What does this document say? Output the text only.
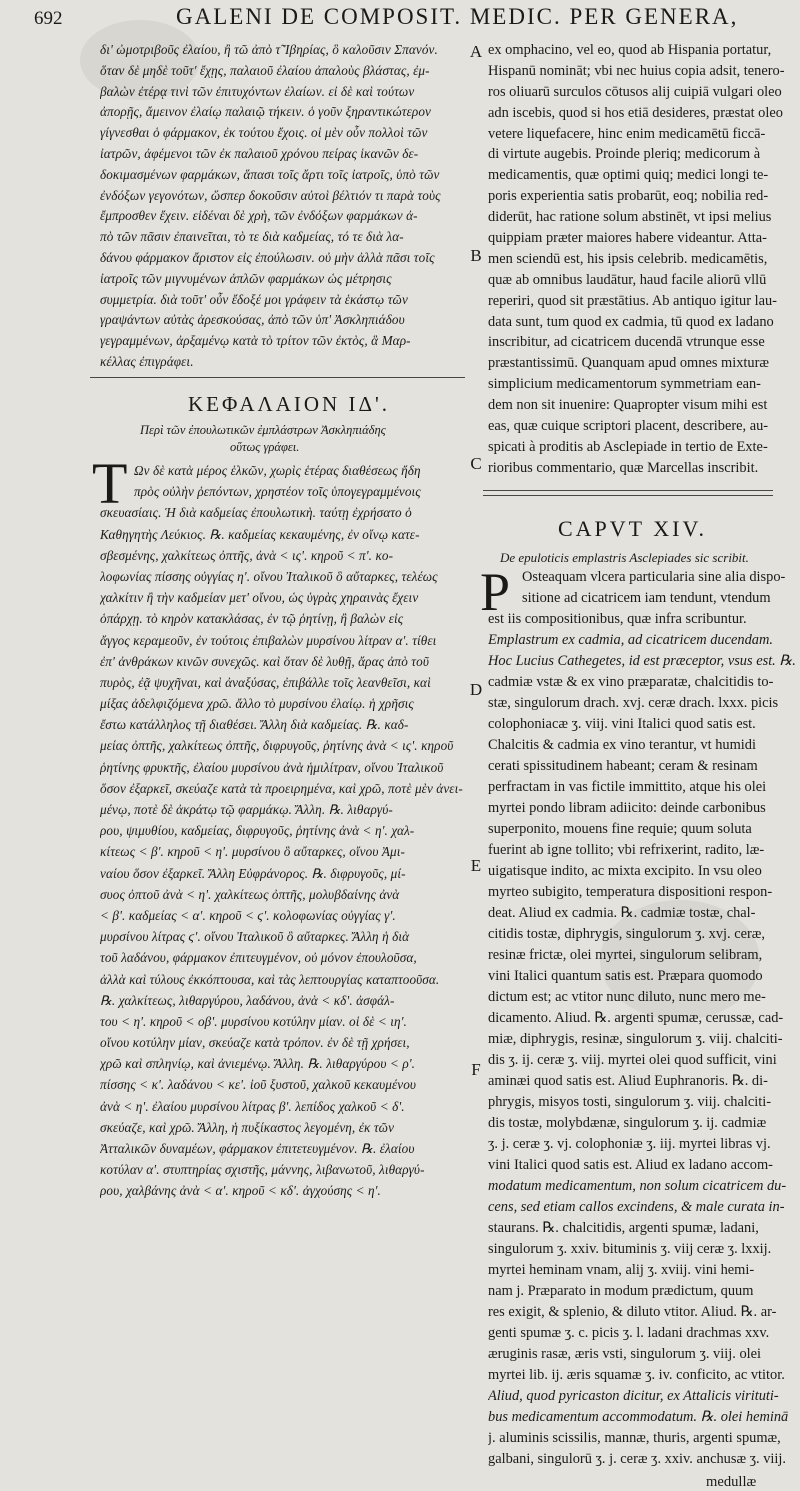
692	GALENI DE COMPOSIT. MEDIC. PER GENERA,
δι' ὠμοτριβοῦς ἐλαίου, ἢ τῶ ἀπὸ τ̃ Ἰβηρίας, ὃ καλοῦσιν Σπανόν.
ὅταν δὲ μηδὲ τοῦτ' ἔχῃς, παλαιοῦ ἐλαίου ἀπαλοὺς βλάστας, ἐμ-
βαλὼν ἐτέρᾳ τινὶ τῶν ἐπιτυχόντων ἐλαίων. εἰ δὲ καὶ τούτων
ἀπορῇς, ἄμεινον ἐλαίῳ παλαιῷ τήκειν. ὁ γοῦν ξηραντικώτερον
γίγνεσθαι ὁ φάρμακον, ἐκ τούτου ἔχοις. οἱ μὲν οὖν πολλοὶ τῶν
ἰατρῶν, ἀφέμενοι τῶν ἐκ παλαιοῦ χρόνου πείρας ἱκανῶν δε-
δοκιμασμένων φαρμάκων, ἅπασι τοῖς ἄρτι τοῖς ἰατροῖς, ὑπὸ τῶν
ἐνδόξων γεγονότων, ὥσπερ δοκοῦσιν αὐτοὶ βέλτιόν τι παρὰ τοὺς
ἔμπροσθεν ἔχειν. εἰδέναι δὲ χρὴ, τῶν ἐνδόξων φαρμάκων ἀ-
πὸ τῶν πᾶσιν ἐπαινεῖται, τὸ τε διὰ καδμείας, τό τε διὰ λα-
δάνου φάρμακον ἄριστον εἰς ἐπούλωσιν. οὐ μὴν ἀλλὰ πᾶσι τοῖς
ἰατροῖς τῶν μιγνυμένων ἁπλῶν φαρμάκων ὡς μέτρησις
συμμετρία. διὰ τοῦτ' οὖν ἔδοξέ μοι γράφειν τὰ ἑκάστῳ τῶν
γραψάντων αὐτὰς ἀρεσκούσας, ἀπὸ τῶν ὑπ' Ἀσκληπιάδου
γεγραμμένων, ἀρξαμένῳ κατὰ τὸ τρίτον τῶν ἐκτὸς, ἃ Μαρ-
κέλλας ἐπιγράφει.
ΚΕΦΑΛΑΙΟΝ ΙΔ'.
Περὶ τῶν ἐπουλωτικῶν ἐμπλάστρων Ἀσκληπιάδης
οὕτως γράφει.
Τ Ων δὲ κατὰ μέρος ἑλκῶν, χωρὶς ἑτέρας διαθέσεως ἤδη
πρὸς οὐλὴν ῥεπόντων, χρηστέον τοῖς ὑπογεγραμμένοις
σκευασίαις. Ἡ διὰ καδμείας ἐπουλωτικὴ. ταύτῃ ἐχρήσατο ὁ
Καθηγητὴς Λεύκιος. ℞. καδμείας κεκαυμένης, ἐν οἴνῳ κατε-
σβεσμένης, χαλκίτεως ὀπτῆς, ἀνὰ < ις'. κηροῦ < π'. κο-
λοφωνίας πίσσης οὐγγίας η'. οἴνου Ἰταλικοῦ ὃ αὔταρκες, τελέως
χαλκίτιν ἢ τὴν καδμείαν μετ' οἴνου, ὡς ὑγρὰς χηραινὰς ἔχειν
ὁπάρχῃ. τὸ κηρὸν κατακλάσας, ἐν τῷ ῥητίνῃ, ἢ βαλὼν εἰς
ἄγγος κεραμεοῦν, ἐν τούτοις ἐπιβαλὼν μυρσίνου λίτραν α'. τίθει
ἐπ' ἀνθράκων κινῶν συνεχῶς. καὶ ὅταν δὲ λυθῇ, ἄρας ἀπὸ τοῦ
πυρὸς, ἐᾷ ψυχῆναι, καὶ ἀναξύσας, ἐπιβάλλε τοῖς λεανθεῖσι, καὶ
μίξας ἀδελφιζόμενα χρῶ. ἄλλο τὸ μυρσίνου ἐλαίῳ. ἡ χρῆσις
ἔστω κατάλληλος τῇ διαθέσει. Ἄλλη διὰ καδμείας. ℞. καδ-
μείας ὀπτῆς, χαλκίτεως ὀπτῆς, διφρυγοῦς, ῥητίνης ἀνὰ < ις'. κηροῦ
ῥητίνης φρυκτῆς, ἐλαίου μυρσίνου ἀνὰ ἡμιλίτραν, οἴνου Ἰταλικοῦ
ὅσον ἐξαρκεῖ, σκεύαζε κατὰ τὰ προειρημένα, καὶ χρῶ, ποτὲ μὲν ἀνει-
μένῳ, ποτὲ δὲ ἀκράτῳ τῷ φαρμάκῳ. Ἄλλη. ℞. λιθαργύ-
ρου, ψιμυθίου, καδμείας, διφρυγοῦς, ῥητίνης ἀνὰ < η'. χαλ-
κίτεως < β'. κηροῦ < η'. μυρσίνου ὃ αὔταρκες, οἴνου Ἀμι-
ναίου ὅσον ἐξαρκεῖ. Ἄλλη Εὐφράνορος. ℞. διφρυγοῦς, μί-
συος ὀπτοῦ ἀνὰ < η'. χαλκίτεως ὀπτῆς, μολυβδαίνης ἀνὰ
< β'. καδμείας < α'. κηροῦ < ϛ'. κολοφωνίας οὐγγίας γ'.
μυρσίνου λίτρας ϛ'. οἴνου Ἰταλικοῦ ὃ αὔταρκες. Ἄλλη ἡ διὰ
τοῦ λαδάνου, φάρμακον ἐπιτευγμένον, οὐ μόνον ἐπουλοῦσα,
ἀλλὰ καὶ τύλους ἐκκόπτουσα, καὶ τὰς λεπτουργίας καταπτοοῦσα.
℞. χαλκίτεως, λιθαργύρου, λαδάνου, ἀνὰ < κδ'. ἀσφάλ-
του < η'. κηροῦ < οβ'. μυρσίνου κοτύλην μίαν. οἱ δὲ < ιη'.
οἴνου κοτύλην μίαν, σκεύαζε κατὰ τρόπον. ἐν δὲ τῇ χρήσει,
χρῶ καὶ σπληνίῳ, καὶ ἀνιεμένῳ. Ἄλλη. ℞. λιθαργύρου < ρ'.
πίσσης < κ'. λαδάνου < κε'. ἰοῦ ξυστοῦ, χαλκοῦ κεκαυμένου
ἀνὰ < η'. ἐλαίου μυρσίνου λίτρας β'. λεπίδος χαλκοῦ < δ'.
σκεύαζε, καὶ χρῶ. Ἄλλη, ἡ πυξίκαστος λεγομένη, ἐκ τῶν
Ἀτταλικῶν δυναμέων, φάρμακον ἐπιτετευγμένον. ℞. ἐλαίου
κοτύλαν α'. στυπτηρίας σχιστῆς, μάννης, λιβανωτοῦ, λιθαργύ-
ρου, χαλβάνης ἀνὰ < α'. κηροῦ < κδ'. ἀγχούσης < η'.
A
B
C
D
E
F
ex omphacino, vel eo, quod ab Hispania portatur,
Hispanū nomināt; vbi nec huius copia adsit, tenero-
ros oliuarū surculos cōtusos alij cuipiā vulgari oleo
adn iscebis, quod si hos etiā desideres, præstat oleo
vetere liquefacere, hinc enim medicamētū ficcā-
di virtute augebis. Proinde pleriq; medicorum à
medicamentis, quæ optimi quiq; medici longi te-
poris experientia satis probarūt, eoq; nobilia red-
diderūt, hac ratione solum abstinēt, vt ipsi melius
quippiam præter maiores habere videantur. Atta-
men sciendū est, his ipsis celebrib. medicamētis,
quæ ab omnibus laudātur, haud facile aliorū vllū
reperiri, quod sit præstātius. Ab antiquo igitur lau-
data sunt, tum quod ex cadmia, tū quod ex ladano
inscribitur, ad cicatricem ducendā vtrunque esse
præstantissimū. Quanquam apud omnes mixturæ
simplicium medicamentorum symmetriam ean-
dem non sit inuenire: Quapropter visum mihi est
eas, quæ cuique scriptori placent, describere, au-
spicati à proditis ab Asclepiade in tertio de Exte-
rioribus commentario, quæ Marcellas inscribit.
CAPVT XIV.
De epuloticis emplastris Asclepiades sic scribit.
P Osteaquam vlcera particularia sine alia dispo-
sitione ad cicatricem iam tendunt, vtendum
est iis compositionibus, quæ infra scribuntur.
Emplastrum ex cadmia, ad cicatricem ducendam.
Hoc Lucius Cathegetes, id est præceptor, vsus est. ℞.
cadmiæ vstæ & ex vino præparatæ, chalcitidis to-
stæ, singulorum drach. xvj. ceræ drach. lxxx. picis
colophoniacæ ʒ. viij. vini Italici quod satis est.
Chalcitis & cadmia ex vino terantur, vt humidi
cerati spissitudinem habeant; ceram & resinam
perfractam in vas fictile immittito, atque his olei
myrtei pondo libram adiicito: deinde carbonibus
superponito, mouens fine requie; quum soluta
fuerint ab igne tollito; vbi refrixerint, radito, læ-
uigatisque indito, ac mixta excipito. In vsu oleo
myrteo subigito, temperatura dispositioni respon-
deat. Aliud ex cadmia. ℞. cadmiæ tostæ, chal-
citidis tostæ, diphrygis, singulorum ʒ. xvj. ceræ,
resinæ frictæ, olei myrtei, singulorum selibram,
vini Italici quantum satis est. Præpara quomodo
dictum est; ac vtitor nunc diluto, nunc mero me-
dicamento. Aliud. ℞. argenti spumæ, cerussæ, cad-
miæ, diphrygis, resinæ, singulorum ʒ. viij. chalciti-
dis ʒ. ij. ceræ ʒ. viij. myrtei olei quod sufficit, vini
aminæi quod satis est. Aliud Euphranoris. ℞. di-
phrygis, misyos tosti, singulorum ʒ. viij. chalciti-
dis tostæ, molybdænæ, singulorum ʒ. ij. cadmiæ
ʒ. j. ceræ ʒ. vj. colophoniæ ʒ. iij. myrtei libras vj.
vini Italici quod satis est. Aliud ex ladano accom-
modatum medicamentum, non solum cicatricem du-
cens, sed etiam callos excindens, & male curata in-
staurans. ℞. chalcitidis, argenti spumæ, ladani,
singulorum ʒ. xxiv. bituminis ʒ. viij ceræ ʒ. lxxij.
myrtei heminam vnam, alij ʒ. xviij. vini hemi-
nam j. Præparato in modum prædictum, quum
res exigit, & splenio, & diluto vtitor. Aliud. ℞. ar-
genti spumæ ʒ. c. picis ʒ. l. ladani drachmas xxv.
æruginis rasæ, æris vsti, singulorum ʒ. viij. olei
myrtei lib. ij. æris squamæ ʒ. iv. conficito, ac vtitor.
Aliud, quod pyricaston dicitur, ex Attalicis virituti-
bus medicamentum accommodatum. ℞. olei heminā
j. aluminis scissilis, mannæ, thuris, argenti spumæ,
galbani, singulorū ʒ. j. ceræ ʒ. xxiv. anchusæ ʒ. viij.
medullæ
